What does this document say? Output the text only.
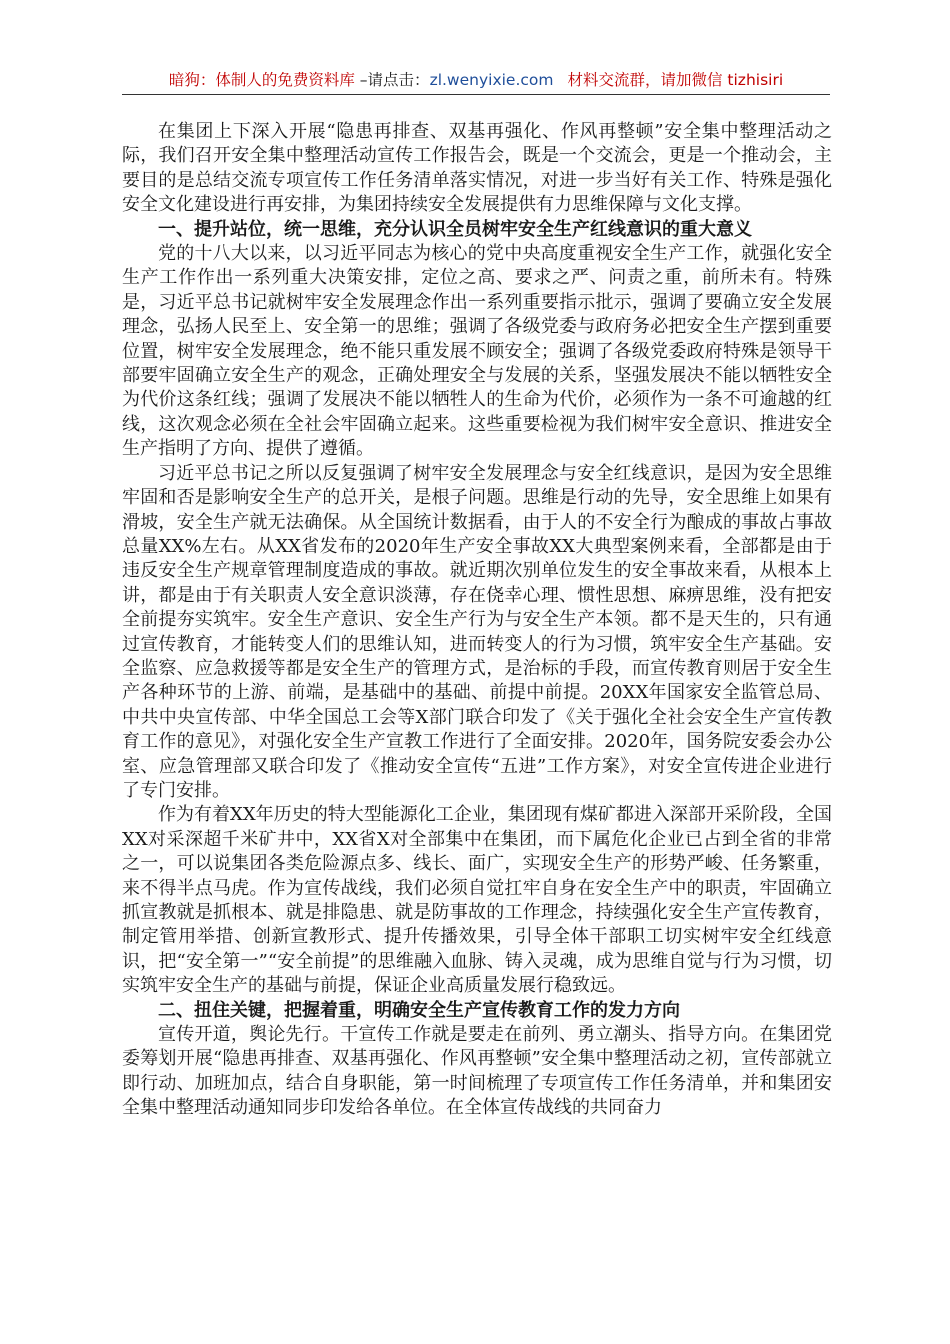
暗狗：体制人的免费资料库 –请点击：zl.wenyixie.com 材料交流群，请加微信 tizhisiri

在集团上下深入开展“隐患再排查、双基再强化、作风再整顿”安全集中整理活动之际，我们召开安全集中整理活动宣传工作报告会，既是一个交流会，更是一个推动会，主要目的是总结交流专项宣传工作任务清单落实情况，对进一步当好有关工作、特殊是强化安全文化建设进行再安排，为集团持续安全发展提供有力思维保障与文化支撑。

一、提升站位，统一思维，充分认识全员树牢安全生产红线意识的重大意义

党的十八大以来，以习近平同志为核心的党中央高度重视安全生产工作，就强化安全生产工作作出一系列重大决策安排，定位之高、要求之严、问责之重，前所未有。特殊是，习近平总书记就树牢安全发展理念作出一系列重要指示批示，强调了要确立安全发展理念，弘扬人民至上、安全第一的思维；强调了各级党委与政府务必把安全生产摆到重要位置，树牢安全发展理念，绝不能只重发展不顾安全；强调了各级党委政府特殊是领导干部要牢固确立安全生产的观念，正确处理安全与发展的关系，坚强发展决不能以牺牲安全为代价这条红线；强调了发展决不能以牺牲人的生命为代价，必须作为一条不可逾越的红线，这次观念必须在全社会牢固确立起来。这些重要检视为我们树牢安全意识、推进安全生产指明了方向、提供了遵循。

习近平总书记之所以反复强调了树牢安全发展理念与安全红线意识，是因为安全思维牢固和否是影响安全生产的总开关，是根子问题。思维是行动的先导，安全思维上如果有滑坡，安全生产就无法确保。从全国统计数据看，由于人的不安全行为酿成的事故占事故总量XX%左右。从XX省发布的2020年生产安全事故XX大典型案例来看，全部都是由于违反安全生产规章管理制度造成的事故。就近期次别单位发生的安全事故来看，从根本上讲，都是由于有关职责人安全意识淡薄，存在侥幸心理、惯性思想、麻痹思维，没有把安全前提夯实筑牢。安全生产意识、安全生产行为与安全生产本领。都不是天生的，只有通过宣传教育，才能转变人们的思维认知，进而转变人的行为习惯，筑牢安全生产基础。安全监察、应急救援等都是安全生产的管理方式，是治标的手段，而宣传教育则居于安全生产各种环节的上游、前端，是基础中的基础、前提中前提。20XX年国家安全监管总局、中共中央宣传部、中华全国总工会等X部门联合印发了《关于强化全社会安全生产宣传教育工作的意见》，对强化安全生产宣教工作进行了全面安排。2020年，国务院安委会办公室、应急管理部又联合印发了《推动安全宣传“五进”工作方案》，对安全宣传进企业进行了专门安排。

作为有着XX年历史的特大型能源化工企业，集团现有煤矿都进入深部开采阶段，全国XX对采深超千米矿井中，XX省X对全部集中在集团，而下属危化企业已占到全省的非常之一，可以说集团各类危险源点多、线长、面广，实现安全生产的形势严峻、任务繁重，来不得半点马虎。作为宣传战线，我们必须自觉扛牢自身在安全生产中的职责，牢固确立抓宣教就是抓根本、就是排隐患、就是防事故的工作理念，持续强化安全生产宣传教育，制定管用举措、创新宣教形式、提升传播效果，引导全体干部职工切实树牢安全红线意识，把“安全第一”“安全前提”的思维融入血脉、铸入灵魂，成为思维自觉与行为习惯，切实筑牢安全生产的基础与前提，保证企业高质量发展行稳致远。

二、扭住关键，把握着重，明确安全生产宣传教育工作的发力方向

宣传开道，舆论先行。干宣传工作就是要走在前列、勇立潮头、指导方向。在集团党委筹划开展“隐患再排查、双基再强化、作风再整顿”安全集中整理活动之初，宣传部就立即行动、加班加点，结合自身职能，第一时间梳理了专项宣传工作任务清单，并和集团安全集中整理活动通知同步印发给各单位。在全体宣传战线的共同奋力
